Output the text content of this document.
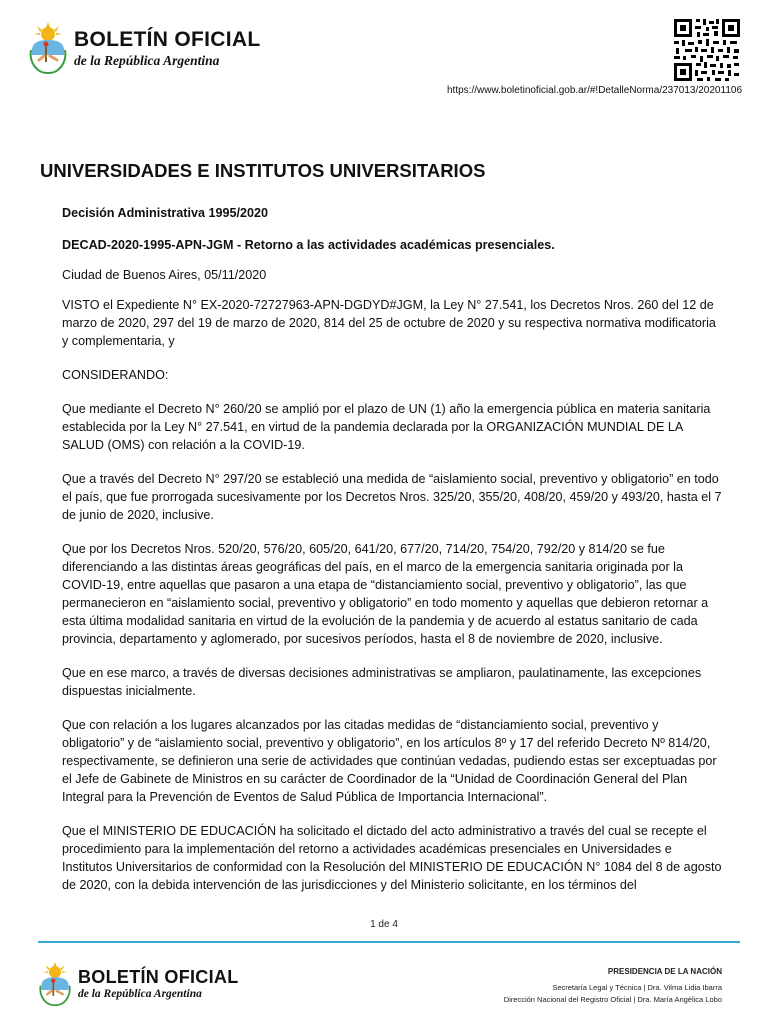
BOLETÍN OFICIAL
de la República Argentina
https://www.boletinoficial.gob.ar/#!DetalleNorma/237013/20201106
UNIVERSIDADES E INSTITUTOS UNIVERSITARIOS

Decisión Administrativa 1995/2020

DECAD-2020-1995-APN-JGM - Retorno a las actividades académicas presenciales.

Ciudad de Buenos Aires, 05/11/2020

VISTO el Expediente N° EX-2020-72727963-APN-DGDYD#JGM, la Ley N° 27.541, los Decretos Nros. 260 del 12 de marzo de 2020, 297 del 19 de marzo de 2020, 814 del 25 de octubre de 2020 y su respectiva normativa modificatoria y complementaria, y

CONSIDERANDO:

Que mediante el Decreto N° 260/20 se amplió por el plazo de UN (1) año la emergencia pública en materia sanitaria establecida por la Ley N° 27.541, en virtud de la pandemia declarada por la ORGANIZACIÓN MUNDIAL DE LA SALUD (OMS) con relación a la COVID-19.

Que a través del Decreto N° 297/20 se estableció una medida de “aislamiento social, preventivo y obligatorio” en todo el país, que fue prorrogada sucesivamente por los Decretos Nros. 325/20, 355/20, 408/20, 459/20 y 493/20, hasta el 7 de junio de 2020, inclusive.

Que por los Decretos Nros. 520/20, 576/20, 605/20, 641/20, 677/20, 714/20, 754/20, 792/20 y 814/20 se fue diferenciando a las distintas áreas geográficas del país, en el marco de la emergencia sanitaria originada por la COVID-19, entre aquellas que pasaron a una etapa de “distanciamiento social, preventivo y obligatorio”, las que permanecieron en “aislamiento social, preventivo y obligatorio” en todo momento y aquellas que debieron retornar a esta última modalidad sanitaria en virtud de la evolución de la pandemia y de acuerdo al estatus sanitario de cada provincia, departamento y aglomerado, por sucesivos períodos, hasta el 8 de noviembre de 2020, inclusive.

Que en ese marco, a través de diversas decisiones administrativas se ampliaron, paulatinamente, las excepciones dispuestas inicialmente.

Que con relación a los lugares alcanzados por las citadas medidas de “distanciamiento social, preventivo y obligatorio” y de “aislamiento social, preventivo y obligatorio”, en los artículos 8º y 17 del referido Decreto Nº 814/20, respectivamente, se definieron una serie de actividades que continúan vedadas, pudiendo estas ser exceptuadas por el Jefe de Gabinete de Ministros en su carácter de Coordinador de la “Unidad de Coordinación General del Plan Integral para la Prevención de Eventos de Salud Pública de Importancia Internacional”.

Que el MINISTERIO DE EDUCACIÓN ha solicitado el dictado del acto administrativo a través del cual se recepte el procedimiento para la implementación del retorno a actividades académicas presenciales en Universidades e Institutos Universitarios de conformidad con la Resolución del MINISTERIO DE EDUCACIÓN N° 1084 del 8 de agosto de 2020, con la debida intervención de las jurisdicciones y del Ministerio solicitante, en los términos del

1 de 4
BOLETÍN OFICIAL
de la República Argentina
PRESIDENCIA DE LA NACIÓN
Secretaría Legal y Técnica | Dra. Vilma Lidia Ibarra
Dirección Nacional del Registro Oficial | Dra. María Angélica Lobo
